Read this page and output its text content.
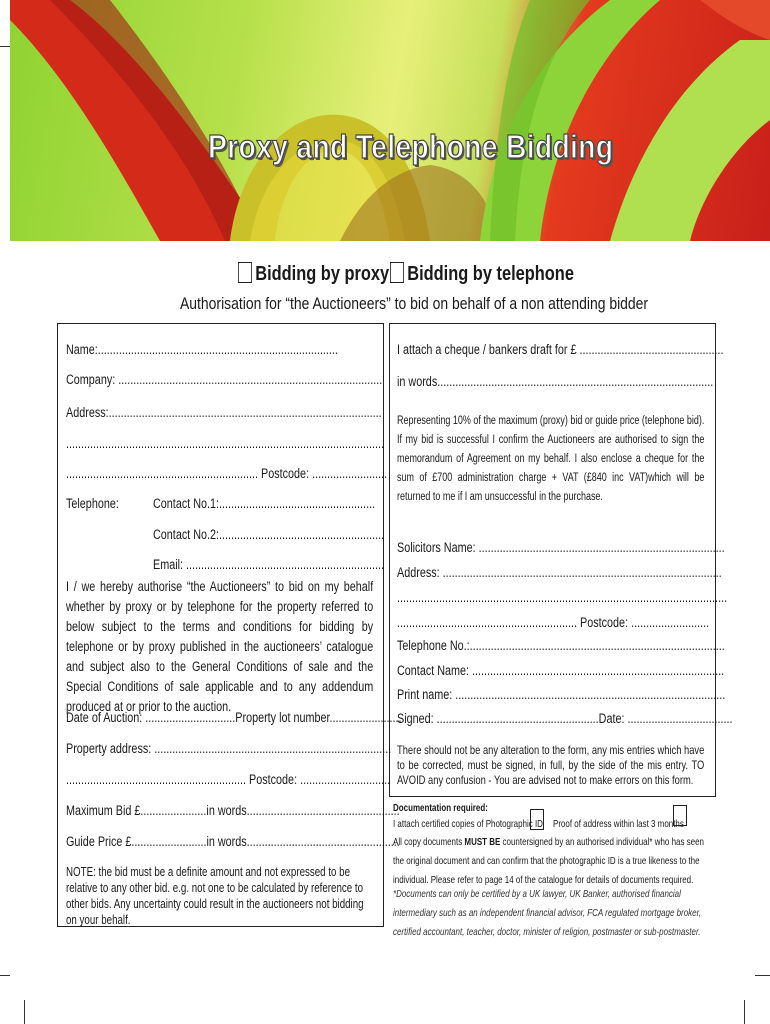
Proxy and Telephone Bidding
Bidding by proxy Bidding by telephone
Authorisation for “the Auctioneers” to bid on behalf of a non attending bidder
Name:................................................................................
Company: ........................................................................................
Address:...........................................................................................
..........................................................................................................
................................................................ Postcode: .........................
Telephone:	Contact No.1:....................................................
Contact No.2:.......................................................
Email: ..................................................................
I / we hereby authorise “the Auctioneers” to bid on my behalf whether by proxy or by telephone for the property referred to below subject to the terms and conditions for bidding by telephone or by proxy published in the auctioneers’ catalogue and subject also to the General Conditions of sale and the Special Conditions of sale applicable and to any addendum produced at or prior to the auction.
Date of Auction: ..............................Property lot number.........................
Property address: ...............................................................................
............................................................ Postcode: ..............................
Maximum Bid £......................in words...................................................
Guide Price £.........................in words...................................................
NOTE: the bid must be a definite amount and not expressed to be relative to any other bid. e.g. not one to be calculated by reference to other bids. Any uncertainty could result in the auctioneers not bidding on your behalf.
I attach a cheque / bankers draft for £ ................................................
in words............................................................................................
Representing 10% of the maximum (proxy) bid or guide price (telephone bid). If my bid is successful I confirm the Auctioneers are authorised to sign the memorandum of Agreement on my behalf. I also enclose a cheque for the sum of £700 administration charge + VAT (£840 inc VAT)which will be returned to me if I am unsuccessful in the purchase.
Solicitors Name: ..................................................................................
Address: .............................................................................................
..............................................................................................................
............................................................ Postcode: ..........................
Telephone No.:.....................................................................................
Contact Name: ....................................................................................
Print name: ..........................................................................................
Signed: ......................................................Date: ...................................
There should not be any alteration to the form, any mis entries which have to be corrected, must be signed, in full, by the side of the mis entry. TO AVOID any confusion - You are advised not to make errors on this form.
Documentation required:
I attach certified copies of Photographic ID Proof of address within last 3 months
All copy documents MUST BE countersigned by an authorised individual* who has seen the original document and can confirm that the photographic ID is a true likeness to the individual. Please refer to page 14 of the catalogue for details of documents required.
*Documents can only be certified by a UK lawyer, UK Banker, authorised financial intermediary such as an independent financial advisor, FCA regulated mortgage broker, certified accountant, teacher, doctor, minister of religion, postmaster or sub-postmaster.
